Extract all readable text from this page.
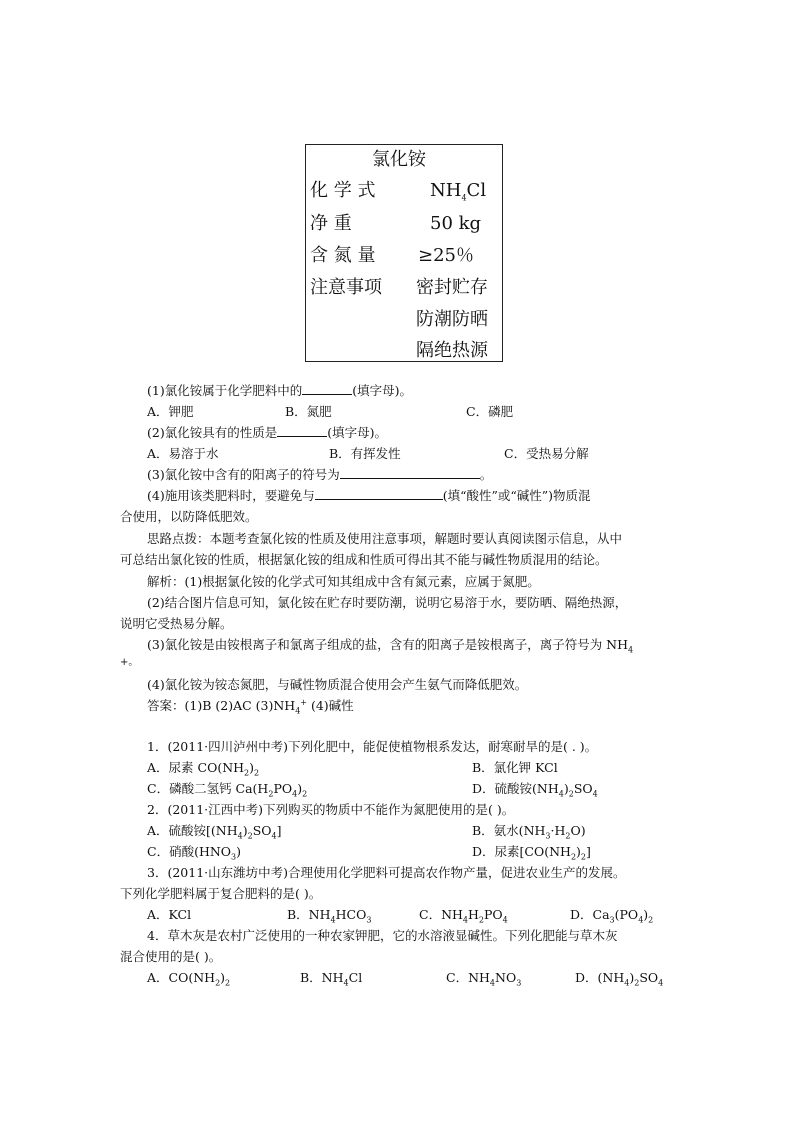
氯化铵
化 学 式	$NH_4Cl$
净 重	50 kg
含 氮 量 ≥25％
注意事项 密封贮存
防潮防晒
隔绝热源
(1)氯化铵属于化学肥料中的	(填字母)。
A．钾肥	B．氮肥	C．磷肥
(2)氯化铵具有的性质是	(填字母)。
A．易溶于水	B．有挥发性	C．受热易分解
(3)氯化铵中含有的阳离子的符号为	。
(4)施用该类肥料时，要避免与	(填“酸性”或“碱性”)物质混
合使用，以防降低肥效。
思路点拨：本题考查氯化铵的性质及使用注意事项，解题时要认真阅读图示信息，从中
可总结出氯化铵的性质，根据氯化铵的组成和性质可得出其不能与碱性物质混用的结论。
解析：(1)根据氯化铵的化学式可知其组成中含有氮元素，应属于氮肥。
(2)结合图片信息可知，氯化铵在贮存时要防潮，说明它易溶于水，要防晒、隔绝热源，
说明它受热易分解。
(3)氯化铵是由铵根离子和氯离子组成的盐，含有的阳离子是铵根离子，离子符号为 $NH_4$
+。
(4)氯化铵为铵态氮肥，与碱性物质混合使用会产生氨气而降低肥效。
答案：(1)B (2)AC $(3)NH_4^+$ (4)碱性
1．(2011·四川泸州中考)下列化肥中，能促使植物根系发达，耐寒耐旱的是( . )。
A．尿素 $CO(NH_2)_2$	B．氯化钾 KCl
C．磷酸二氢钙 $Ca(H_2PO_4)_2$	D．硫酸铵$(NH_4)_2SO_4$
2．(2011·江西中考)下列购买的物质中不能作为氮肥使用的是( )。
A．硫酸铵$[(NH_4)_2SO_4]$	B．氨水$(NH_3\cdot H_2O)$
C．硝酸$(HNO_3)$	D．尿素$[CO(NH_2)_2]$
3．(2011·山东潍坊中考)合理使用化学肥料可提高农作物产量，促进农业生产的发展。
下列化学肥料属于复合肥料的是( )。
A．KCl	B．$NH_4HCO_3$	C．$NH_4H_2PO_4$	D．$Ca_3(PO_4)_2$
4．草木灰是农村广泛使用的一种农家钾肥，它的水溶液显碱性。下列化肥能与草木灰
混合使用的是( )。
A．$CO(NH_2)_2$	B．$NH_4Cl$	C．$NH_4NO_3$	D．$(NH_4)_2SO_4$
